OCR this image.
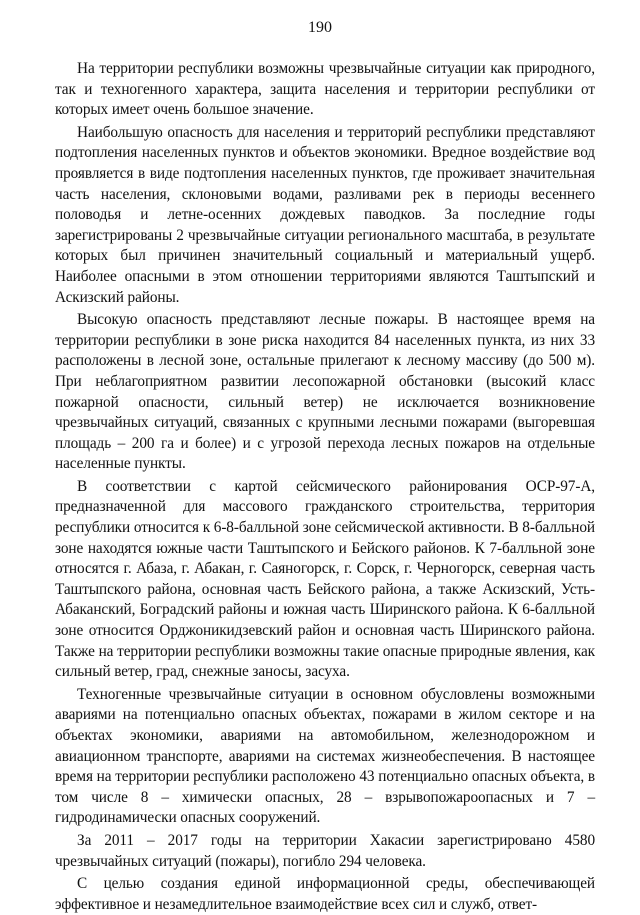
190

На территории республики возможны чрезвычайные ситуации как природного, так и техногенного характера, защита населения и территории республики от которых имеет очень большое значение.

Наибольшую опасность для населения и территорий республики представляют подтопления населенных пунктов и объектов экономики. Вредное воздействие вод проявляется в виде подтопления населенных пунктов, где проживает значительная часть населения, склоновыми водами, разливами рек в периоды весеннего половодья и летне-осенних дождевых паводков. За последние годы зарегистрированы 2 чрезвычайные ситуации регионального масштаба, в результате которых был причинен значительный социальный и материальный ущерб. Наиболее опасными в этом отношении территориями являются Таштыпский и Аскизский районы.

Высокую опасность представляют лесные пожары. В настоящее время на территории республики в зоне риска находится 84 населенных пункта, из них 33 расположены в лесной зоне, остальные прилегают к лесному массиву (до 500 м). При неблагоприятном развитии лесопожарной обстановки (высокий класс пожарной опасности, сильный ветер) не исключается возникновение чрезвычайных ситуаций, связанных с крупными лесными пожарами (выгоревшая площадь – 200 га и более) и с угрозой перехода лесных пожаров на отдельные населенные пункты.

В соответствии с картой сейсмического районирования ОСР-97-А, предназначенной для массового гражданского строительства, территория республики относится к 6-8-балльной зоне сейсмической активности. В 8-балльной зоне находятся южные части Таштыпского и Бейского районов. К 7-балльной зоне относятся г. Абаза, г. Абакан, г. Саяногорск, г. Сорск, г. Черногорск, северная часть Таштыпского района, основная часть Бейского района, а также Аскизский, Усть-Абаканский, Боградский районы и южная часть Ширинского района. К 6-балльной зоне относится Орджоникидзевский район и основная часть Ширинского района. Также на территории республики возможны такие опасные природные явления, как сильный ветер, град, снежные заносы, засуха.

Техногенные чрезвычайные ситуации в основном обусловлены возможными авариями на потенциально опасных объектах, пожарами в жилом секторе и на объектах экономики, авариями на автомобильном, железнодорожном и авиационном транспорте, авариями на системах жизнеобеспечения. В настоящее время на территории республики расположено 43 потенциально опасных объекта, в том числе 8 – химически опасных, 28 – взрывопожароопасных и 7 – гидродинамически опасных сооружений.

За 2011 – 2017 годы на территории Хакасии зарегистрировано 4580 чрезвычайных ситуаций (пожары), погибло 294 человека.

С целью создания единой информационной среды, обеспечивающей эффективное и незамедлительное взаимодействие всех сил и служб, ответ-
